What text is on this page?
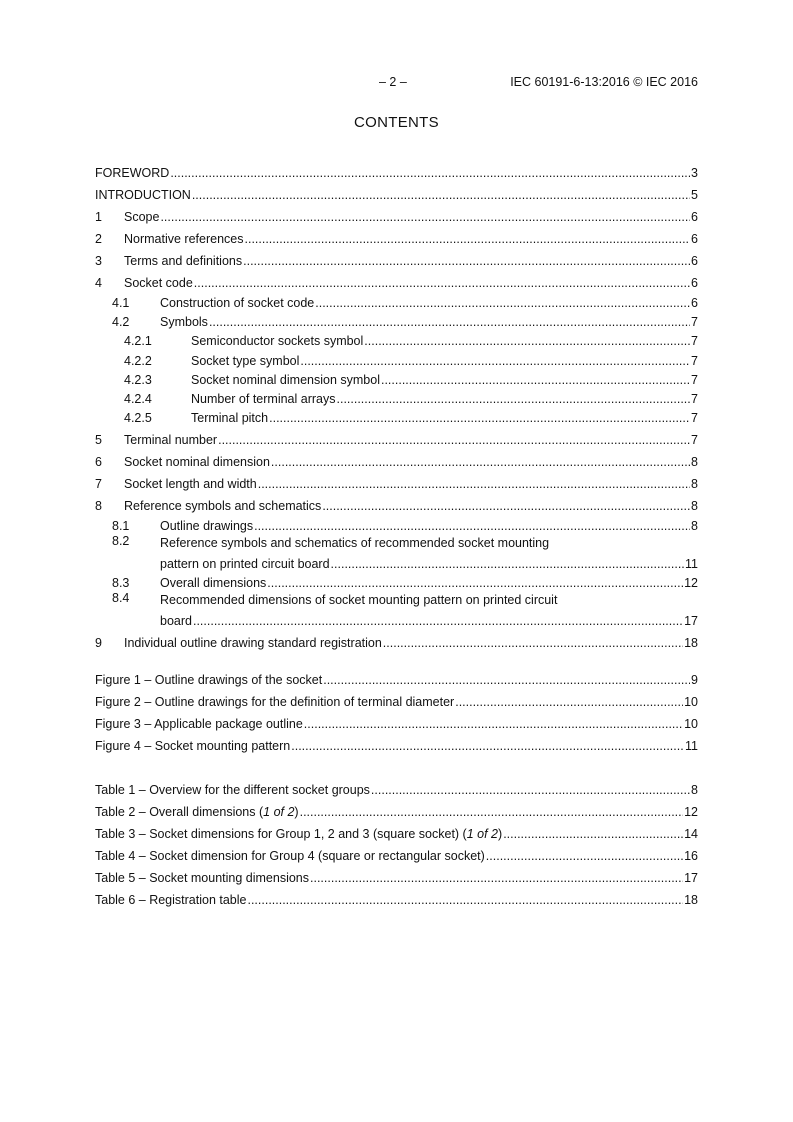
– 2 –	IEC 60191-6-13:2016 © IEC 2016
CONTENTS
FOREWORD .....	3
INTRODUCTION .....	5
1	Scope .....	6
2	Normative references .....	6
3	Terms and definitions .....	6
4	Socket code .....	6
4.1	Construction of socket code .....	6
4.2	Symbols .....	7
4.2.1	Semiconductor sockets symbol .....	7
4.2.2	Socket type symbol .....	7
4.2.3	Socket nominal dimension symbol .....	7
4.2.4	Number of terminal arrays .....	7
4.2.5	Terminal pitch .....	7
5	Terminal number .....	7
6	Socket nominal dimension .....	8
7	Socket length and width .....	8
8	Reference symbols and schematics .....	8
8.1	Outline drawings .....	8
8.2	Reference symbols and schematics of recommended socket mounting
pattern on printed circuit board .....	11
8.3	Overall dimensions .....	12
8.4	Recommended dimensions of socket mounting pattern on printed circuit
board .....	17
9	Individual outline drawing standard registration .....	18
Figure 1 – Outline drawings of the socket .....	9
Figure 2 – Outline drawings for the definition of terminal diameter .....	10
Figure 3 – Applicable package outline .....	10
Figure 4 – Socket mounting pattern .....	11
Table 1 – Overview for the different socket groups .....	8
Table 2 – Overall dimensions (1 of 2) .....	12
Table 3 – Socket dimensions for Group 1, 2 and 3 (square socket) (1 of 2) .....	14
Table 4 – Socket dimension for Group 4 (square or rectangular socket) .....	16
Table 5 – Socket mounting dimensions .....	17
Table 6 – Registration table .....	18
